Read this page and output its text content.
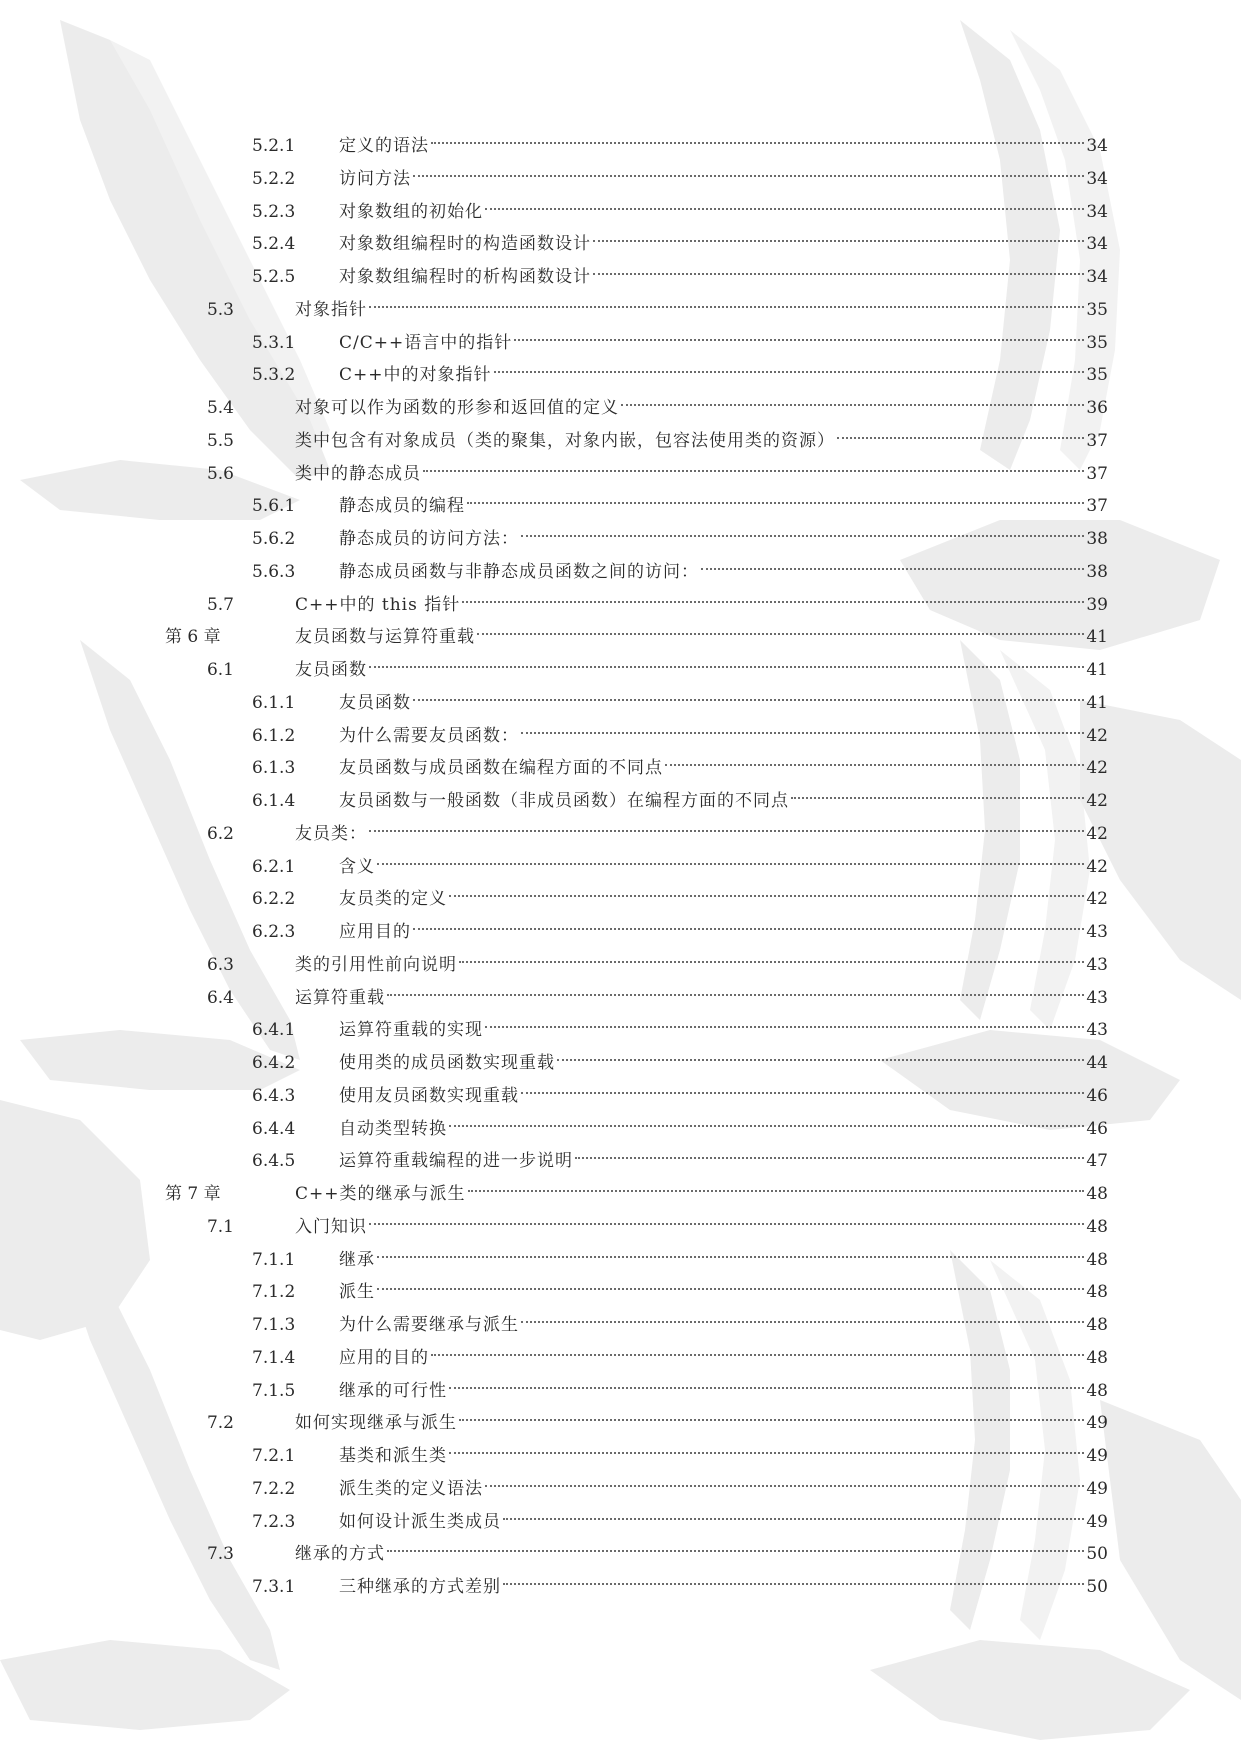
5.2.1	定义的语法	34
5.2.2	访问方法	34
5.2.3	对象数组的初始化	34
5.2.4	对象数组编程时的构造函数设计	34
5.2.5	对象数组编程时的析构函数设计	34
5.3	对象指针	35
5.3.1	C/C++语言中的指针	35
5.3.2	C++中的对象指针	35
5.4	对象可以作为函数的形参和返回值的定义	36
5.5	类中包含有对象成员（类的聚集，对象内嵌，包容法使用类的资源）	37
5.6	类中的静态成员	37
5.6.1	静态成员的编程	37
5.6.2	静态成员的访问方法：	38
5.6.3	静态成员函数与非静态成员函数之间的访问：	38
5.7	C++中的 this 指针	39
第 6 章	友员函数与运算符重载	41
6.1	友员函数	41
6.1.1	友员函数	41
6.1.2	为什么需要友员函数：	42
6.1.3	友员函数与成员函数在编程方面的不同点	42
6.1.4	友员函数与一般函数（非成员函数）在编程方面的不同点	42
6.2	友员类：	42
6.2.1	含义	42
6.2.2	友员类的定义	42
6.2.3	应用目的	43
6.3	类的引用性前向说明	43
6.4	运算符重载	43
6.4.1	运算符重载的实现	43
6.4.2	使用类的成员函数实现重载	44
6.4.3	使用友员函数实现重载	46
6.4.4	自动类型转换	46
6.4.5	运算符重载编程的进一步说明	47
第 7 章	C++类的继承与派生	48
7.1	入门知识	48
7.1.1	继承	48
7.1.2	派生	48
7.1.3	为什么需要继承与派生	48
7.1.4	应用的目的	48
7.1.5	继承的可行性	48
7.2	如何实现继承与派生	49
7.2.1	基类和派生类	49
7.2.2	派生类的定义语法	49
7.2.3	如何设计派生类成员	49
7.3	继承的方式	50
7.3.1	三种继承的方式差别	50
